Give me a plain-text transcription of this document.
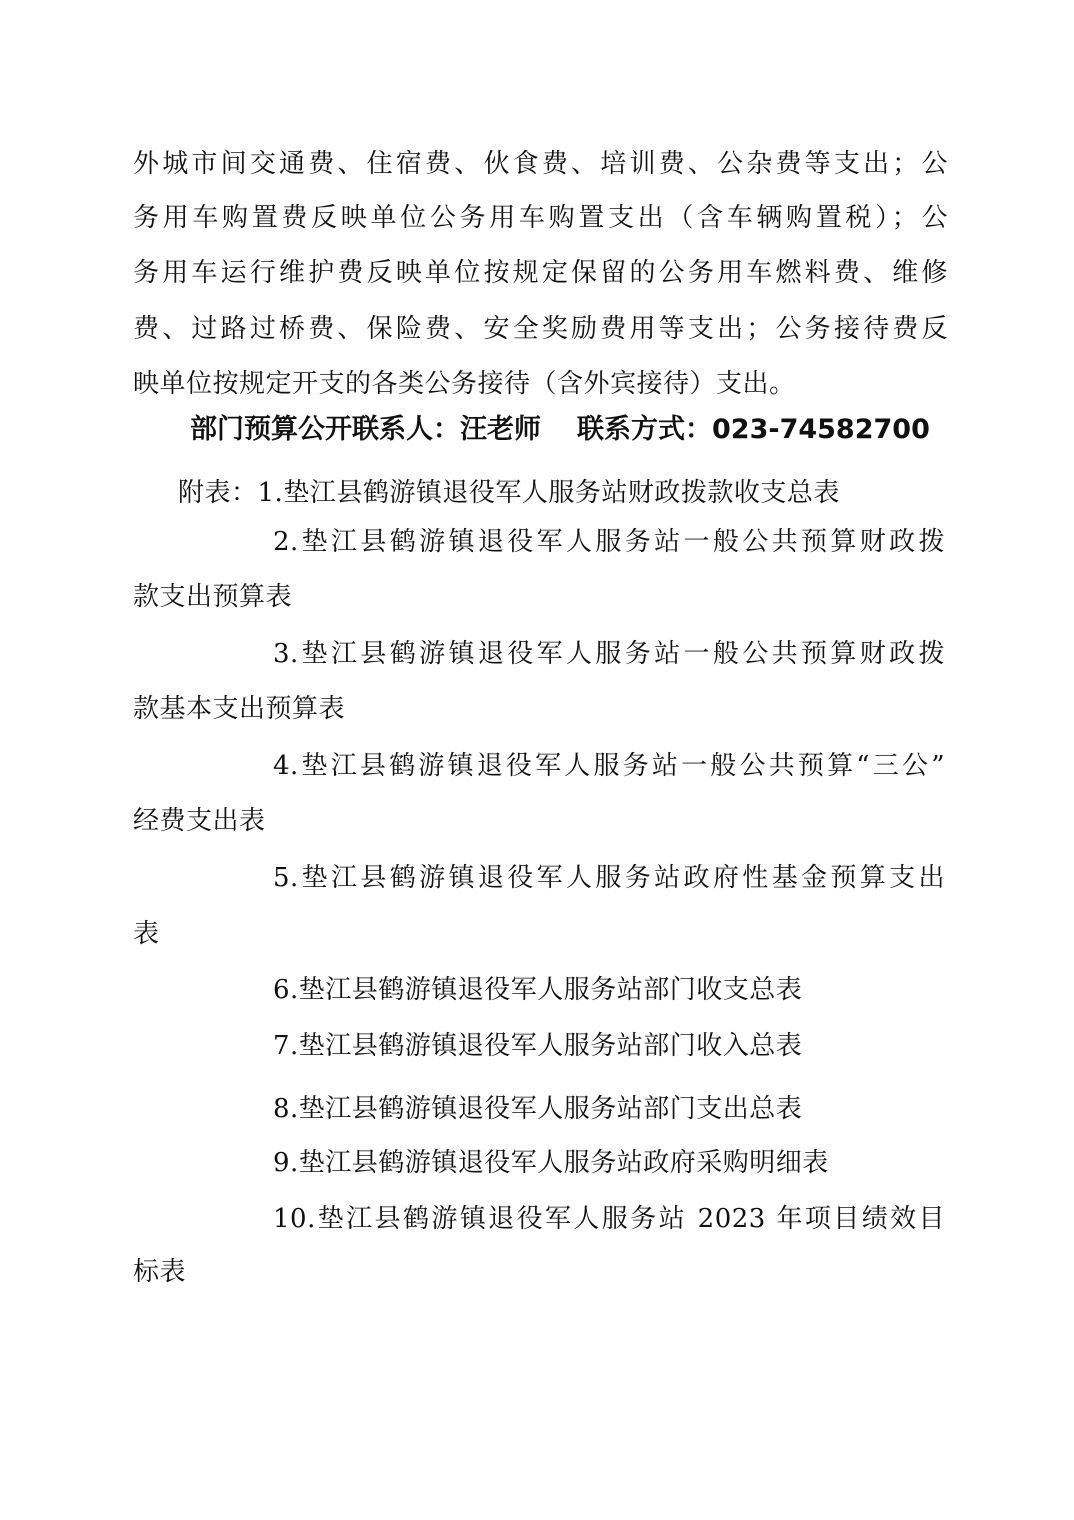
外城市间交通费、住宿费、伙食费、培训费、公杂费等支出；公
务用车购置费反映单位公务用车购置支出（含车辆购置税）；公
务用车运行维护费反映单位按规定保留的公务用车燃料费、维修
费、过路过桥费、保险费、安全奖励费用等支出；公务接待费反
映单位按规定开支的各类公务接待（含外宾接待）支出。
部门预算公开联系人：汪老师 联系方式：023-74582700
附表：1.垫江县鹤游镇退役军人服务站财政拨款收支总表
2.垫江县鹤游镇退役军人服务站一般公共预算财政拨
款支出预算表
3.垫江县鹤游镇退役军人服务站一般公共预算财政拨
款基本支出预算表
4.垫江县鹤游镇退役军人服务站一般公共预算“三公”
经费支出表
5.垫江县鹤游镇退役军人服务站政府性基金预算支出
表
6.垫江县鹤游镇退役军人服务站部门收支总表
7.垫江县鹤游镇退役军人服务站部门收入总表
8.垫江县鹤游镇退役军人服务站部门支出总表
9.垫江县鹤游镇退役军人服务站政府采购明细表
10.垫江县鹤游镇退役军人服务站 2023 年项目绩效目
标表
